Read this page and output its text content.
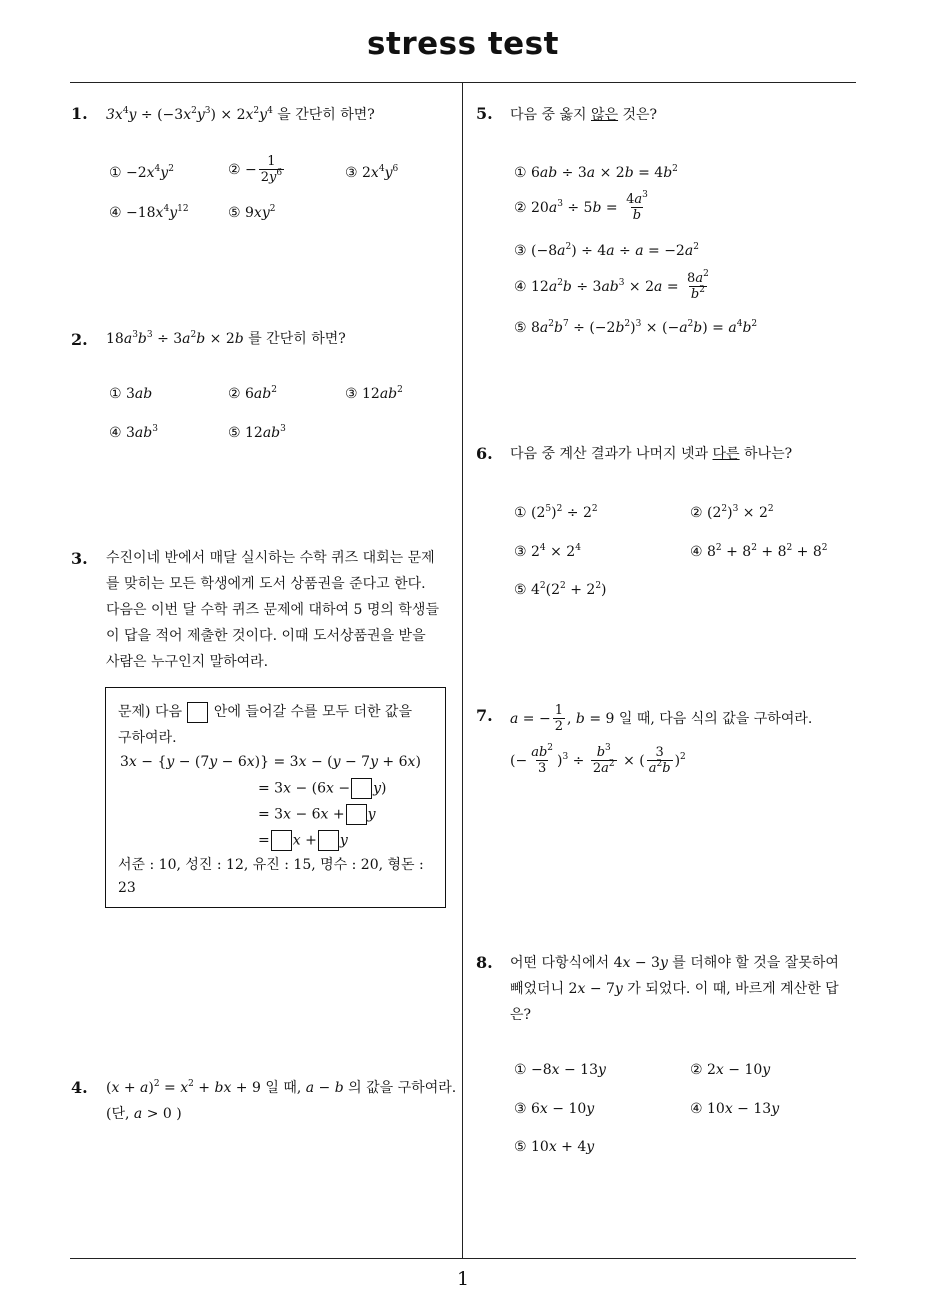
stress test
1
1. $3x^4y \div (-3x^2y^3) \times 2x^2y^4$ 을 간단히 하면?
① $-2x^4y^2$	② − $\frac{1}{2y^6}$	③ $2x^4y^6$
④ $-18x^4y^{12}$	⑤ $9xy^2$
2. $18a^3b^3 \div 3a^2b \times 2b$ 를 간단히 하면?
① 3ab	② $6ab^2$	③ $12ab^2$
④ $3ab^3$	⑤ $12ab^3$
3. 수진이네 반에서 매달 실시하는 수학 퀴즈 대회는 문제
를 맞히는 모든 학생에게 도서 상품권을 준다고 한다.
다음은 이번 달 수학 퀴즈 문제에 대하여 5 명의 학생들
이 답을 적어 제출한 것이다. 이때 도서상품권을 받을
사람은 누구인지 말하여라.
문제) 다음 안에 들어갈 수를 모두 더한 값을
구하여라.
3x − {y − (7y − 6x)} = 3x − (y − 7y + 6x)
= 3x − (6x − y)
= 3x − 6x + y
= x + y
서준 : 10, 성진 : 12, 유진 : 15, 명수 : 20, 형돈 :
23
4. $(x + a)^2 = x^2$ + bx + 9 일 때, a − b 의 값을 구하여라.
(단, a > 0 )
5. 다음 중 옳지 않은 것은?
① $6ab \div 3a \times 2b = 4b^2$
② $20a^3 \div 5b = \frac{4a^3}{b}$
③ $(-8a^2) \div 4a \div a = -2a^2$
④ $12a^2b \div 3ab^3 \times 2a = \frac{8a^2}{b^2}$
⑤ $8a^2b^7 \div (-2b^2)^3 \times (-a^2b) = a^4b^2$
6. 다음 중 계산 결과가 나머지 넷과 다른 하나는?
① $(2^5)^2 \div 2^2$	② $(2^2)^3 \times 2^2$
③ $2^4 \times 2^4$	④ $8^2 + 8^2 + 8^2 + 8^2$
⑤ $4^2(2^2 + 2^2)$
7. a = − $\frac{1}{2}$ , b = 9 일 때, 다음 식의 값을 구하여라.
(− $\frac{ab^2}{3} )^3 \div \frac{b^3}{2a^2}$ × ( $\frac{3}{a^2b} )^2$
8. 어떤 다항식에서 4x − 3y 를 더해야 할 것을 잘못하여
빼었더니 2x − 7y 가 되었다. 이 때, 바르게 계산한 답
은?
① −8x − 13y	② 2x − 10y
③ 6x − 10y	④ 10x − 13y
⑤ 10x + 4y
